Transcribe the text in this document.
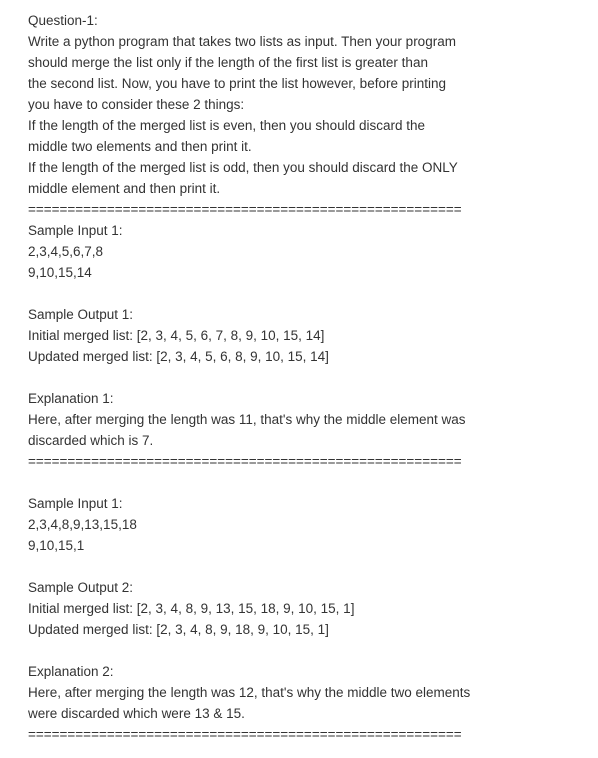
Question-1:
Write a python program that takes two lists as input. Then your program
should merge the list only if the length of the first list is greater than
the second list. Now, you have to print the list however, before printing
you have to consider these 2 things:
If the length of the merged list is even, then you should discard the
middle two elements and then print it.
If the length of the merged list is odd, then you should discard the ONLY
middle element and then print it.
=======================================================
Sample Input 1:
2,3,4,5,6,7,8
9,10,15,14
Sample Output 1:
Initial merged list: [2, 3, 4, 5, 6, 7, 8, 9, 10, 15, 14]
Updated merged list: [2, 3, 4, 5, 6, 8, 9, 10, 15, 14]
Explanation 1:
Here, after merging the length was 11, that's why the middle element was
discarded which is 7.
=======================================================
Sample Input 1:
2,3,4,8,9,13,15,18
9,10,15,1
Sample Output 2:
Initial merged list: [2, 3, 4, 8, 9, 13, 15, 18, 9, 10, 15, 1]
Updated merged list: [2, 3, 4, 8, 9, 18, 9, 10, 15, 1]
Explanation 2:
Here, after merging the length was 12, that's why the middle two elements
were discarded which were 13 & 15.
=======================================================
